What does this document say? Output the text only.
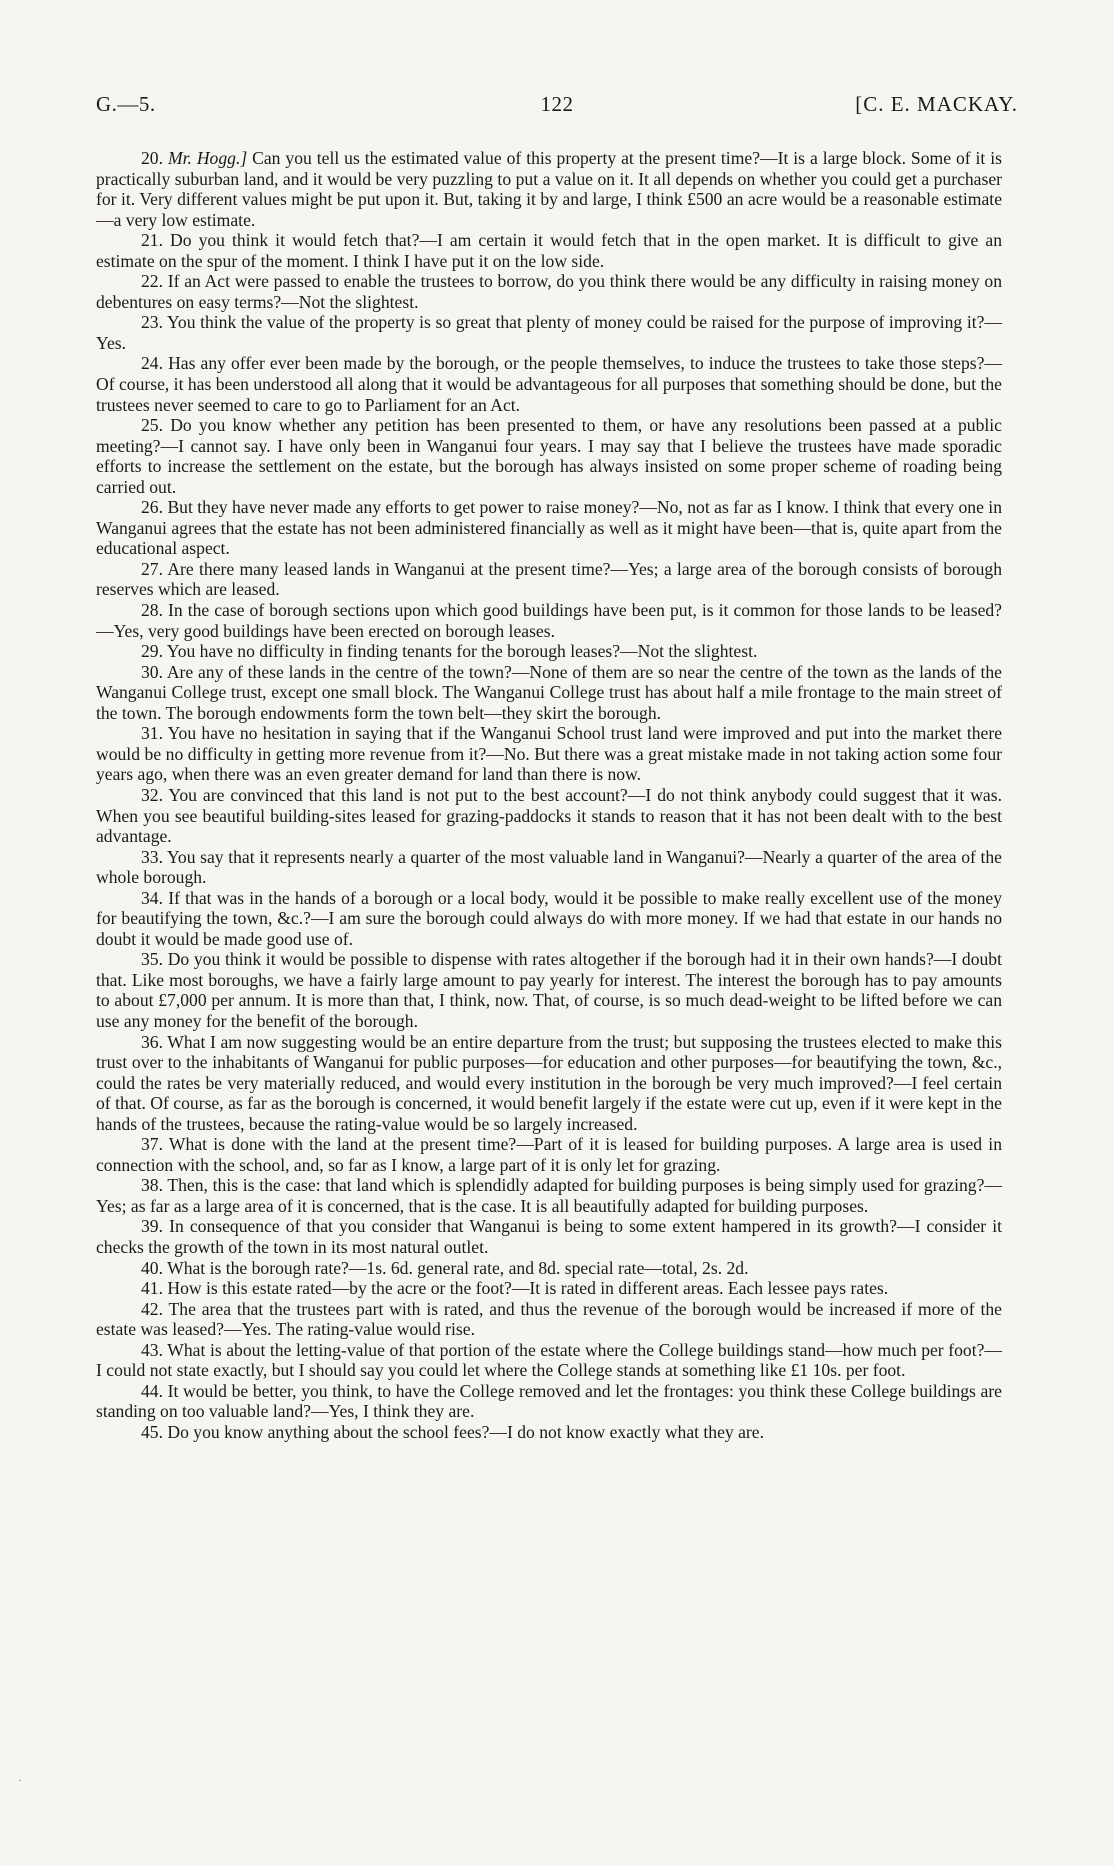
G.—5.	122	[C. E. MACKAY.

20. Mr. Hogg.] Can you tell us the estimated value of this property at the present time?—It is a large block. Some of it is practically suburban land, and it would be very puzzling to put a value on it. It all depends on whether you could get a purchaser for it. Very different values might be put upon it. But, taking it by and large, I think £500 an acre would be a reasonable estimate—a very low estimate.

21. Do you think it would fetch that?—I am certain it would fetch that in the open market. It is difficult to give an estimate on the spur of the moment. I think I have put it on the low side.

22. If an Act were passed to enable the trustees to borrow, do you think there would be any difficulty in raising money on debentures on easy terms?—Not the slightest.

23. You think the value of the property is so great that plenty of money could be raised for the purpose of improving it?—Yes.

24. Has any offer ever been made by the borough, or the people themselves, to induce the trustees to take those steps?—Of course, it has been understood all along that it would be advantageous for all purposes that something should be done, but the trustees never seemed to care to go to Parliament for an Act.

25. Do you know whether any petition has been presented to them, or have any resolutions been passed at a public meeting?—I cannot say. I have only been in Wanganui four years. I may say that I believe the trustees have made sporadic efforts to increase the settlement on the estate, but the borough has always insisted on some proper scheme of roading being carried out.

26. But they have never made any efforts to get power to raise money?—No, not as far as I know. I think that every one in Wanganui agrees that the estate has not been administered financially as well as it might have been—that is, quite apart from the educational aspect.

27. Are there many leased lands in Wanganui at the present time?—Yes; a large area of the borough consists of borough reserves which are leased.

28. In the case of borough sections upon which good buildings have been put, is it common for those lands to be leased?—Yes, very good buildings have been erected on borough leases.

29. You have no difficulty in finding tenants for the borough leases?—Not the slightest.

30. Are any of these lands in the centre of the town?—None of them are so near the centre of the town as the lands of the Wanganui College trust, except one small block. The Wanganui College trust has about half a mile frontage to the main street of the town. The borough endowments form the town belt—they skirt the borough.

31. You have no hesitation in saying that if the Wanganui School trust land were improved and put into the market there would be no difficulty in getting more revenue from it?—No. But there was a great mistake made in not taking action some four years ago, when there was an even greater demand for land than there is now.

32. You are convinced that this land is not put to the best account?—I do not think anybody could suggest that it was. When you see beautiful building-sites leased for grazing-paddocks it stands to reason that it has not been dealt with to the best advantage.

33. You say that it represents nearly a quarter of the most valuable land in Wanganui?—Nearly a quarter of the area of the whole borough.

34. If that was in the hands of a borough or a local body, would it be possible to make really excellent use of the money for beautifying the town, &c.?—I am sure the borough could always do with more money. If we had that estate in our hands no doubt it would be made good use of.

35. Do you think it would be possible to dispense with rates altogether if the borough had it in their own hands?—I doubt that. Like most boroughs, we have a fairly large amount to pay yearly for interest. The interest the borough has to pay amounts to about £7,000 per annum. It is more than that, I think, now. That, of course, is so much dead-weight to be lifted before we can use any money for the benefit of the borough.

36. What I am now suggesting would be an entire departure from the trust; but supposing the trustees elected to make this trust over to the inhabitants of Wanganui for public purposes—for education and other purposes—for beautifying the town, &c., could the rates be very materially reduced, and would every institution in the borough be very much improved?—I feel certain of that. Of course, as far as the borough is concerned, it would benefit largely if the estate were cut up, even if it were kept in the hands of the trustees, because the rating-value would be so largely increased.

37. What is done with the land at the present time?—Part of it is leased for building purposes. A large area is used in connection with the school, and, so far as I know, a large part of it is only let for grazing.

38. Then, this is the case: that land which is splendidly adapted for building purposes is being simply used for grazing?—Yes; as far as a large area of it is concerned, that is the case. It is all beautifully adapted for building purposes.

39. In consequence of that you consider that Wanganui is being to some extent hampered in its growth?—I consider it checks the growth of the town in its most natural outlet.

40. What is the borough rate?—1s. 6d. general rate, and 8d. special rate—total, 2s. 2d.

41. How is this estate rated—by the acre or the foot?—It is rated in different areas. Each lessee pays rates.

42. The area that the trustees part with is rated, and thus the revenue of the borough would be increased if more of the estate was leased?—Yes. The rating-value would rise.

43. What is about the letting-value of that portion of the estate where the College buildings stand—how much per foot?—I could not state exactly, but I should say you could let where the College stands at something like £1 10s. per foot.

44. It would be better, you think, to have the College removed and let the frontages: you think these College buildings are standing on too valuable land?—Yes, I think they are.

45. Do you know anything about the school fees?—I do not know exactly what they are.

·
